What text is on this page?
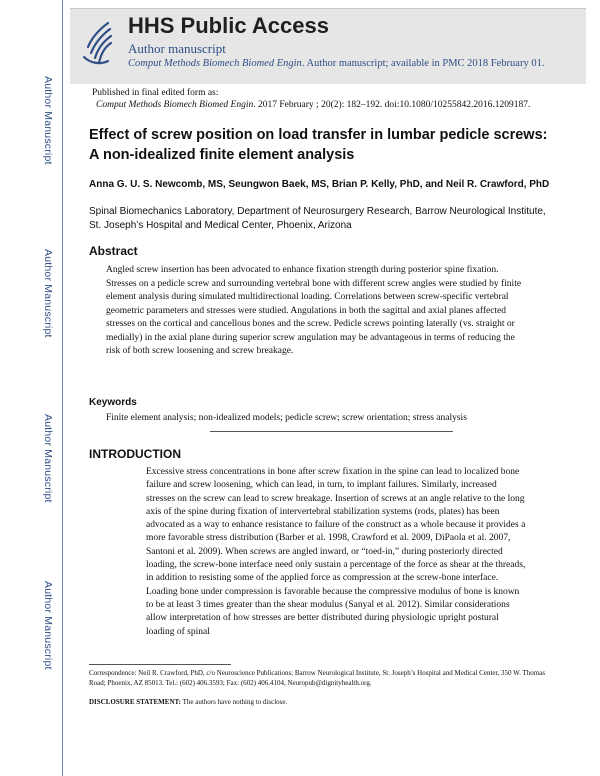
Author Manuscript
Author Manuscript
Author Manuscript
Author Manuscript
HHS Public Access
Author manuscript
Comput Methods Biomech Biomed Engin. Author manuscript; available in PMC 2018 February 01.
Published in final edited form as:
Comput Methods Biomech Biomed Engin. 2017 February ; 20(2): 182–192. doi:10.1080/10255842.2016.1209187.
Effect of screw position on load transfer in lumbar pedicle screws: A non-idealized finite element analysis
Anna G. U. S. Newcomb, MS, Seungwon Baek, MS, Brian P. Kelly, PhD, and Neil R. Crawford, PhD
Spinal Biomechanics Laboratory, Department of Neurosurgery Research, Barrow Neurological Institute, St. Joseph’s Hospital and Medical Center, Phoenix, Arizona
Abstract
Angled screw insertion has been advocated to enhance fixation strength during posterior spine fixation. Stresses on a pedicle screw and surrounding vertebral bone with different screw angles were studied by finite element analysis during simulated multidirectional loading. Correlations between screw-specific vertebral geometric parameters and stresses were studied. Angulations in both the sagittal and axial planes affected stresses on the cortical and cancellous bones and the screw. Pedicle screws pointing laterally (vs. straight or medially) in the axial plane during superior screw angulation may be advantageous in terms of reducing the risk of both screw loosening and screw breakage.
Keywords
Finite element analysis; non-idealized models; pedicle screw; screw orientation; stress analysis
INTRODUCTION
Excessive stress concentrations in bone after screw fixation in the spine can lead to localized bone failure and screw loosening, which can lead, in turn, to implant failures. Similarly, increased stresses on the screw can lead to screw breakage. Insertion of screws at an angle relative to the long axis of the spine during fixation of intervertebral stabilization systems (rods, plates) has been advocated as a way to enhance resistance to failure of the construct as a whole because it provides a more favorable stress distribution (Barber et al. 1998, Crawford et al. 2009, DiPaola et al. 2007, Santoni et al. 2009). When screws are angled inward, or “toed-in,” during posteriorly directed loading, the screw-bone interface need only sustain a percentage of the force as shear at the threads, in addition to resisting some of the applied force as compression at the screw-bone interface. Loading bone under compression is favorable because the compressive modulus of bone is known to be at least 3 times greater than the shear modulus (Sanyal et al. 2012). Similar considerations allow interpretation of how stresses are better distributed during physiologic upright postural loading of spinal
Correspondence: Neil R. Crawford, PhD, c/o Neuroscience Publications; Barrow Neurological Institute, St. Joseph’s Hospital and Medical Center, 350 W. Thomas Road; Phoenix, AZ 85013. Tel.: (602) 406.3593; Fax: (602) 406.4104, Neuropub@dignityhealth.org.
DISCLOSURE STATEMENT: The authors have nothing to disclose.
